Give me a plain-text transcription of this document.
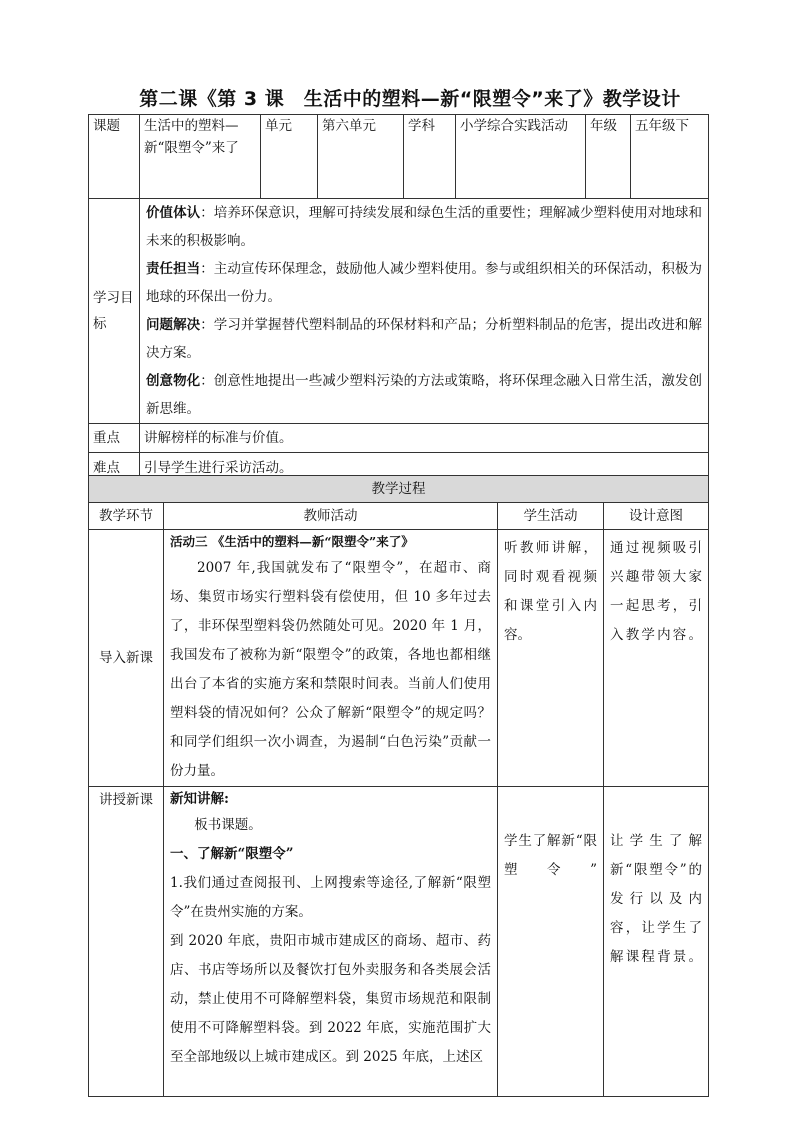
第二课《第 3 课　生活中的塑料—新“限塑令”来了》教学设计
课题	生活中的塑料—新“限塑令”来了	单元	第六单元	学科	小学综合实践活动	年级	五年级下
学习目标	价值体认：培养环保意识，理解可持续发展和绿色生活的重要性；理解减少塑料使用对地球和未来的积极影响。

责任担当：主动宣传环保理念，鼓励他人减少塑料使用。参与或组织相关的环保活动，积极为地球的环保出一份力。

问题解决：学习并掌握替代塑料制品的环保材料和产品；分析塑料制品的危害，提出改进和解决方案。

创意物化：创意性地提出一些减少塑料污染的方法或策略，将环保理念融入日常生活，激发创新思维。						

重点	讲解榜样的标准与价值。						
难点	引导学生进行采访活动。						
教学过程			
教学环节	教师活动	学生活动	设计意图
导入新课	活动三 《生活中的塑料—新“限塑令”来了》

2007 年,我国就发布了“限塑令”，在超市、商场、集贸市场实行塑料袋有偿使用，但 10 多年过去了，非环保型塑料袋仍然随处可见。2020 年 1 月，我国发布了被称为新“限塑令”的政策，各地也都相继出台了本省的实施方案和禁限时间表。当前人们使用塑料袋的情况如何？公众了解新“限塑令”的规定吗？和同学们组织一次小调查，为遏制“白色污染”贡献一份力量。	听教师讲解，同时观看视频和课堂引入内容。	通过视频吸引兴趣带领大家一起思考，引入教学内容。
讲授新课	新知讲解:

板书课题。

一、了解新“限塑令”

1.我们通过查阅报刊、上网搜索等途径,了解新“限塑令”在贵州实施的方案。

到 2020 年底，贵阳市城市建成区的商场、超市、药店、书店等场所以及餐饮打包外卖服务和各类展会活动，禁止使用不可降解塑料袋，集贸市场规范和限制使用不可降解塑料袋。到 2022 年底，实施范围扩大至全部地级以上城市建成区。到 2025 年底，上述区	学生了解新“限塑令”	让学生了解新“限塑令”的发行以及内容，让学生了解课程背景。
